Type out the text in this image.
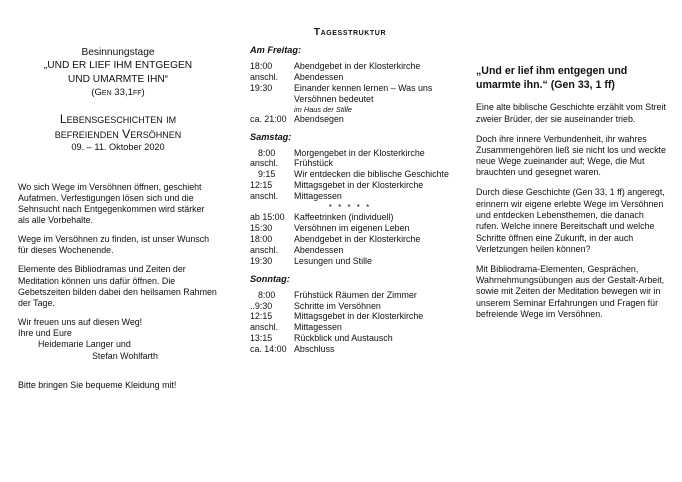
Besinnungstage
„UND ER LIEF IHM ENTGEGEN
UND UMARMTE IHN“
(Gen 33,1ff)
Lebensgeschichten im
befreienden Versöhnen
09. – 11. Oktober 2020

Wo sich Wege im Versöhnen öffnen, geschieht Aufatmen. Verfestigungen lösen sich und die Sehnsucht nach Entgegenkommen wird stärker als alle Vorbehalte.

Wege im Versöhnen zu finden, ist unser Wunsch für dieses Wochenende.

Elemente des Bibliodramas und Zeiten der Meditation können uns dafür öffnen. Die Gebetszeiten bilden dabei den heilsamen Rahmen der Tage.

Wir freuen uns auf diesen Weg!
Ihre und Eure
Heidemarie Langer und
Stefan Wohlfarth
Bitte bringen Sie bequeme Kleidung mit!
Tagesstruktur
Am Freitag:
18:00	Abendgebet in der Klosterkirche
anschl.	Abendessen
19:30	Einander kennen lernen – Was uns Versöhnen bedeutet
im Haus der Stille
ca. 21:00 Abendsegen
Samstag:
8:00	Morgengebet in der Klosterkirche
anschl.	Frühstück
9:15	Wir entdecken die biblische Geschichte
12:15	Mittagsgebet in der Klosterkirche
anschl.	Mittagessen
* * * * *
ab 15:00	Kaffeetrinken (individuell)
15:30	Versöhnen im eigenen Leben
18:00	Abendgebet in der Klosterkirche
anschl.	Abendessen
19:30	Lesungen und Stille
Sonntag:
8:00	Frühstück Räumen der Zimmer
..9:30	Schritte im Versöhnen
12:15	Mittagsgebet in der Klosterkirche
anschl.	Mittagessen
13:15	Rückblick und Austausch
ca. 14:00 Abschluss
„Und er lief ihm entgegen und umarmte ihn.“ (Gen 33, 1 ff)

Eine alte biblische Geschichte erzählt vom Streit zweier Brüder, der sie auseinander trieb.

Doch ihre innere Verbundenheit, ihr wahres Zusammengehören ließ sie nicht los und weckte neue Wege zueinander auf; Wege, die Mut brauchten und gesegnet waren.

Durch diese Geschichte (Gen 33, 1 ff) angeregt, erinnern wir eigene erlebte Wege im Versöhnen und entdecken Lebensthemen, die danach rufen. Welche innere Bereitschaft und welche Schritte öffnen eine Zukunft, in der auch Verletzungen heilen können?

Mit Bibliodrama-Elementen, Gesprächen, Wahrnehmungsübungen aus der Gestalt-Arbeit, sowie mit Zeiten der Meditation bewegen wir in unserem Seminar Erfahrungen und Fragen für befreiende Wege im Versöhnen.
